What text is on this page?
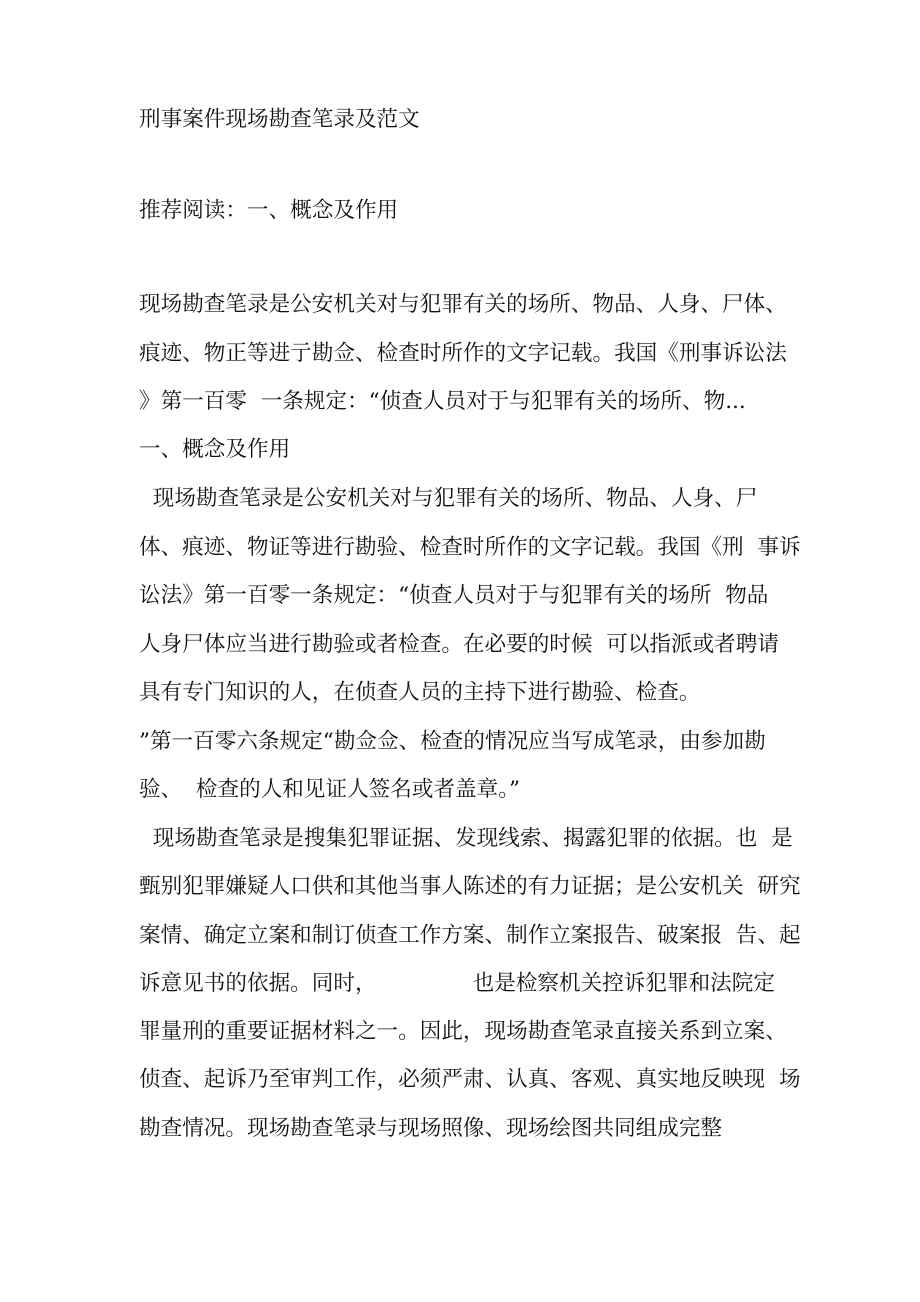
刑事案件现场勘查笔录及范文
推荐阅读：一、概念及作用
现场勘查笔录是公安机关对与犯罪有关的场所、物品、人身、尸体、
痕迹、物正等进亍勘佥、检查时所作的文字记载。我国《刑事诉讼法
》第一百零  一条规定：“侦查人员对于与犯罪有关的场所、物...
一、概念及作用
现场勘查笔录是公安机关对与犯罪有关的场所、物品、人身、尸
体、痕迹、物证等进行勘验、检查时所作的文字记载。我国《刑  事诉
讼法》第一百零一条规定：“侦查人员对于与犯罪有关的场所  物品
人身尸体应当进行勘验或者检查。在必要的时候  可以指派或者聘请
具有专门知识的人，在侦查人员的主持下进行勘验、检查。
”第一百零六条规定“勘佥佥、检查的情况应当写成笔录，由参加勘
验、  检查的人和见证人签名或者盖章。”
现场勘查笔录是搜集犯罪证据、发现线索、揭露犯罪的依据。也  是
甄别犯罪嫌疑人口供和其他当事人陈述的有力证据；是公安机关  研究
案情、确定立案和制订侦查工作方案、制作立案报告、破案报  告、起
诉意见书的依据。同时，              也是检察机关控诉犯罪和法院定
罪量刑的重要证据材料之一。因此，现场勘查笔录直接关系到立案、
侦查、起诉乃至审判工作，必须严肃、认真、客观、真实地反映现  场
勘查情况。现场勘查笔录与现场照像、现场绘图共同组成完整
